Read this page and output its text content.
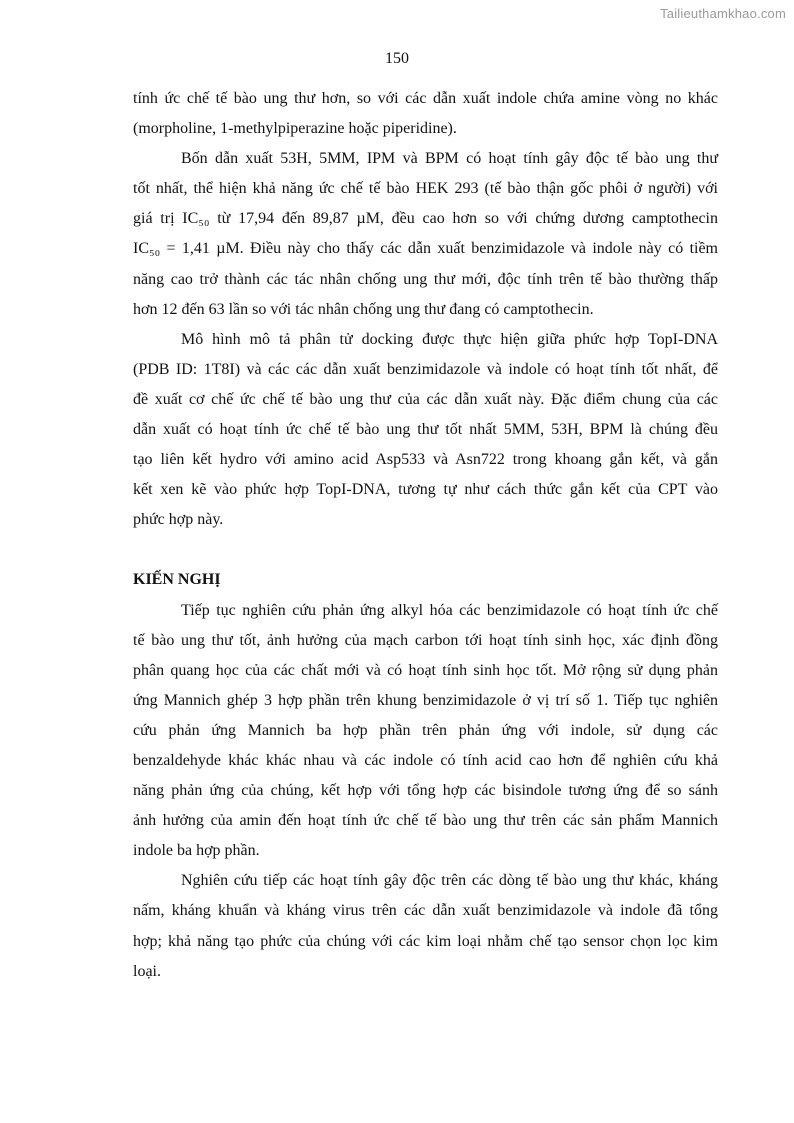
Tailieuthamkhao.com
150
tính ức chế tế bào ung thư hơn, so với các dẫn xuất indole chứa amine vòng no khác
(morpholine, 1-methylpiperazine hoặc piperidine).
Bốn dẫn xuất 53H, 5MM, IPM và BPM có hoạt tính gây độc tế bào ung thư
tốt nhất, thể hiện khả năng ức chế tế bào HEK 293 (tế bào thận gốc phôi ở người) với
giá trị IC₅₀ từ 17,94 đến 89,87 µM, đều cao hơn so với chứng dương camptothecin
IC₅₀ = 1,41 µM. Điều này cho thấy các dẫn xuất benzimidazole và indole này có tiềm
năng cao trở thành các tác nhân chống ung thư mới, độc tính trên tế bào thường thấp
hơn 12 đến 63 lần so với tác nhân chống ung thư đang có camptothecin.
Mô hình mô tả phân tử docking được thực hiện giữa phức hợp TopI-DNA
(PDB ID: 1T8I) và các các dẫn xuất benzimidazole và indole có hoạt tính tốt nhất, để
đề xuất cơ chế ức chế tế bào ung thư của các dẫn xuất này. Đặc điểm chung của các
dẫn xuất có hoạt tính ức chế tế bào ung thư tốt nhất 5MM, 53H, BPM là chúng đều
tạo liên kết hydro với amino acid Asp533 và Asn722 trong khoang gắn kết, và gắn
kết xen kẽ vào phức hợp TopI-DNA, tương tự như cách thức gắn kết của CPT vào
phức hợp này.
KIẾN NGHỊ
Tiếp tục nghiên cứu phản ứng alkyl hóa các benzimidazole có hoạt tính ức chế
tế bào ung thư tốt, ảnh hưởng của mạch carbon tới hoạt tính sinh học, xác định đồng
phân quang học của các chất mới và có hoạt tính sinh học tốt. Mở rộng sử dụng phản
ứng Mannich ghép 3 hợp phần trên khung benzimidazole ở vị trí số 1. Tiếp tục nghiên
cứu phản ứng Mannich ba hợp phần trên phản ứng với indole, sử dụng các
benzaldehyde khác khác nhau và các indole có tính acid cao hơn để nghiên cứu khả
năng phản ứng của chúng, kết hợp với tổng hợp các bisindole tương ứng để so sánh
ảnh hưởng của amin đến hoạt tính ức chế tế bào ung thư trên các sản phẩm Mannich
indole ba hợp phần.
Nghiên cứu tiếp các hoạt tính gây độc trên các dòng tế bào ung thư khác, kháng
nấm, kháng khuẩn và kháng virus trên các dẫn xuất benzimidazole và indole đã tổng
hợp; khả năng tạo phức của chúng với các kim loại nhằm chế tạo sensor chọn lọc kim
loại.
